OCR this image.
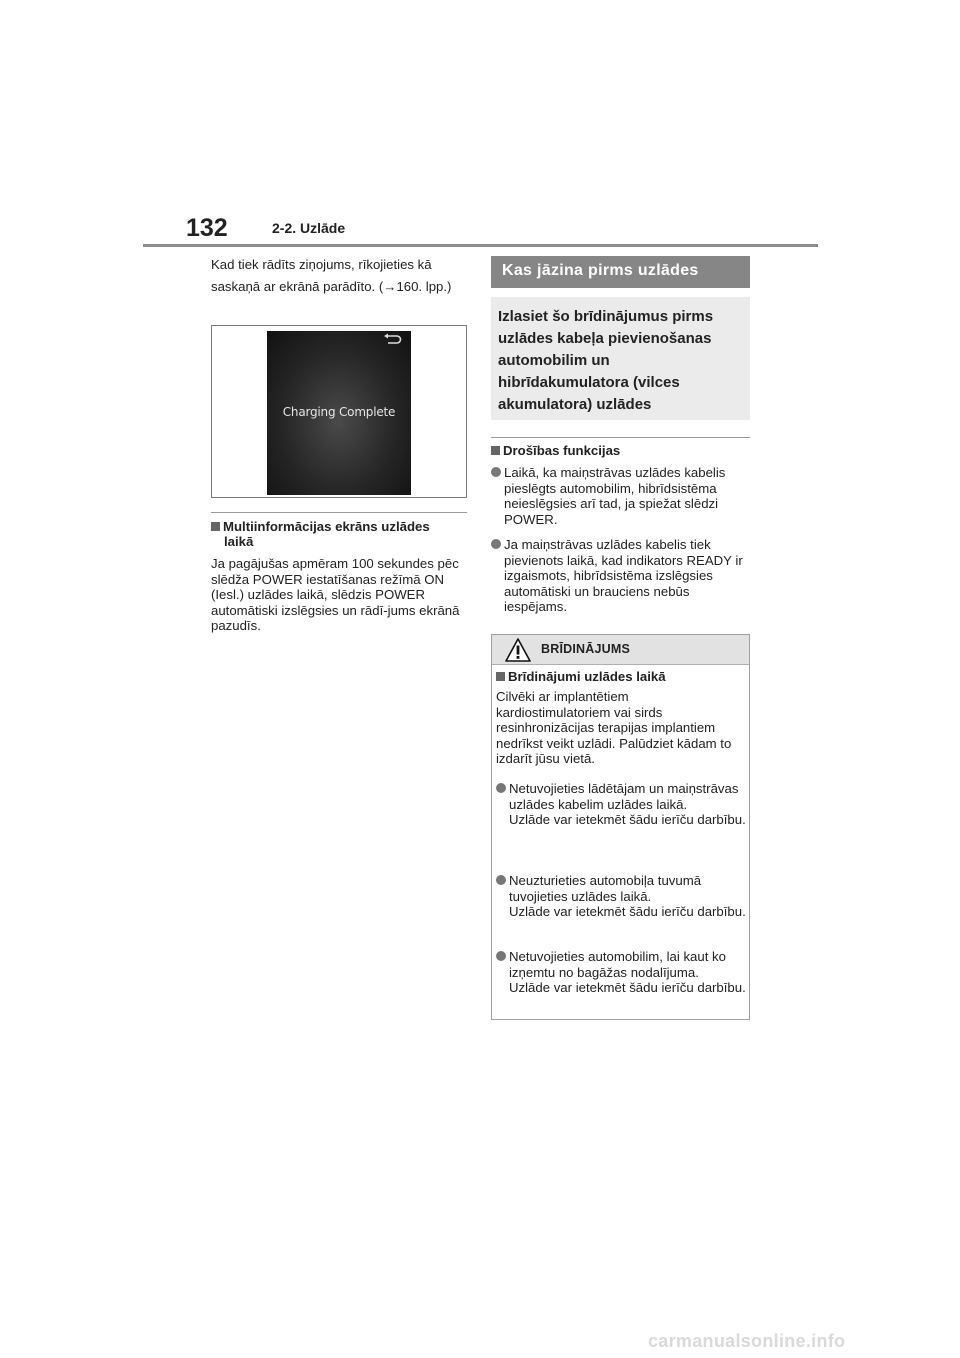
132	2-2. Uzlāde
Kad tiek rādīts ziņojums, rīkojieties kā saskaņā ar ekrānā parādīto. (→160. lpp.)
Charging Complete
Multiinformācijas ekrāns uzlādes
laikā
Ja pagājušas apmēram 100 sekundes pēc slēdža POWER iestatīšanas režīmā ON (Iesl.) uzlādes laikā, slēdzis POWER automātiski izslēgsies un rādī-jums ekrānā pazudīs.
Kas jāzina pirms uzlādes
Izlasiet šo brīdinājumus pirms uzlādes kabeļa pievienošanas automobilim un hibrīdakumulatora (vilces akumulatora) uzlādes
Drošības funkcijas
Laikā, ka maiņstrāvas uzlādes kabelis pieslēgts automobilim, hibrīdsistēma neieslēgsies arī tad, ja spiežat slēdzi POWER.
Ja maiņstrāvas uzlādes kabelis tiek pievienots laikā, kad indikators READY ir izgaismots, hibrīdsistēma izslēgsies automātiski un brauciens nebūs iespējams.
BRĪDINĀJUMS
Brīdinājumi uzlādes laikā
Cilvēki ar implantētiem kardiostimulatoriem vai sirds resinhronizācijas terapijas implantiem nedrīkst veikt uzlādi. Palūdziet kādam to izdarīt jūsu vietā.
Netuvojieties lādētājam un maiņstrāvas uzlādes kabelim uzlādes laikā.
Uzlāde var ietekmēt šādu ierīču darbību.
Neuzturieties automobiļa tuvumā tuvojieties uzlādes laikā.
Uzlāde var ietekmēt šādu ierīču darbību.
Netuvojieties automobilim, lai kaut ko izņemtu no bagāžas nodalījuma.
Uzlāde var ietekmēt šādu ierīču darbību.
carmanualsonline.info
